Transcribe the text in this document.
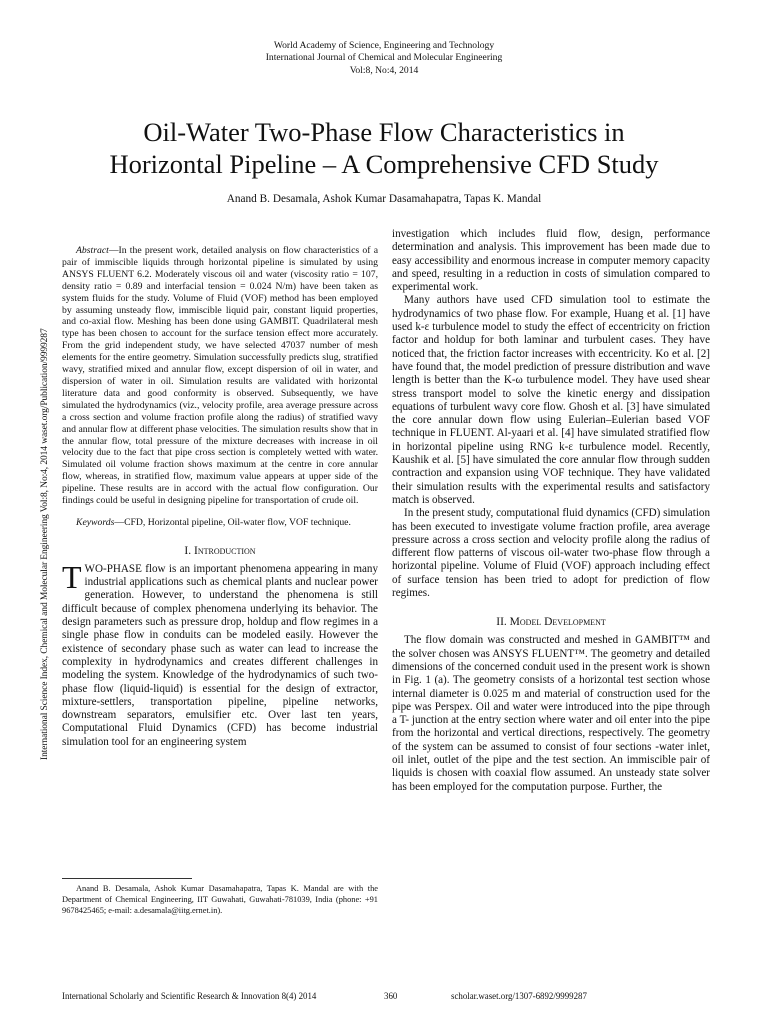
World Academy of Science, Engineering and Technology
International Journal of Chemical and Molecular Engineering
Vol:8, No:4, 2014
Oil-Water Two-Phase Flow Characteristics in
Horizontal Pipeline – A Comprehensive CFD Study
Anand B. Desamala, Ashok Kumar Dasamahapatra, Tapas K. Mandal
International Science Index, Chemical and Molecular Engineering Vol:8, No:4, 2014 waset.org/Publication/9999287

Abstract—In the present work, detailed analysis on flow characteristics of a pair of immiscible liquids through horizontal pipeline is simulated by using ANSYS FLUENT 6.2. Moderately viscous oil and water (viscosity ratio = 107, density ratio = 0.89 and interfacial tension = 0.024 N/m) have been taken as system fluids for the study. Volume of Fluid (VOF) method has been employed by assuming unsteady flow, immiscible liquid pair, constant liquid properties, and co-axial flow. Meshing has been done using GAMBIT. Quadrilateral mesh type has been chosen to account for the surface tension effect more accurately. From the grid independent study, we have selected 47037 number of mesh elements for the entire geometry. Simulation successfully predicts slug, stratified wavy, stratified mixed and annular flow, except dispersion of oil in water, and dispersion of water in oil. Simulation results are validated with horizontal literature data and good conformity is observed. Subsequently, we have simulated the hydrodynamics (viz., velocity profile, area average pressure across a cross section and volume fraction profile along the radius) of stratified wavy and annular flow at different phase velocities. The simulation results show that in the annular flow, total pressure of the mixture decreases with increase in oil velocity due to the fact that pipe cross section is completely wetted with water. Simulated oil volume fraction shows maximum at the centre in core annular flow, whereas, in stratified flow, maximum value appears at upper side of the pipeline. These results are in accord with the actual flow configuration. Our findings could be useful in designing pipeline for transportation of crude oil.

Keywords—CFD, Horizontal pipeline, Oil-water flow, VOF technique.

I. Introduction

TWO-PHASE flow is an important phenomena appearing in many industrial applications such as chemical plants and nuclear power generation. However, to understand the phenomena is still difficult because of complex phenomena underlying its behavior. The design parameters such as pressure drop, holdup and flow regimes in a single phase flow in conduits can be modeled easily. However the existence of secondary phase such as water can lead to increase the complexity in hydrodynamics and creates different challenges in modeling the system. Knowledge of the hydrodynamics of such two-phase flow (liquid-liquid) is essential for the design of extractor, mixture-settlers, transportation pipeline, pipeline networks, downstream separators, emulsifier etc. Over last ten years, Computational Fluid Dynamics (CFD) has become industrial simulation tool for an engineering system

investigation which includes fluid flow, design, performance determination and analysis. This improvement has been made due to easy accessibility and enormous increase in computer memory capacity and speed, resulting in a reduction in costs of simulation compared to experimental work.

Many authors have used CFD simulation tool to estimate the hydrodynamics of two phase flow. For example, Huang et al. [1] have used k-ε turbulence model to study the effect of eccentricity on friction factor and holdup for both laminar and turbulent cases. They have noticed that, the friction factor increases with eccentricity. Ko et al. [2] have found that, the model prediction of pressure distribution and wave length is better than the K-ω turbulence model. They have used shear stress transport model to solve the kinetic energy and dissipation equations of turbulent wavy core flow. Ghosh et al. [3] have simulated the core annular down flow using Eulerian–Eulerian based VOF technique in FLUENT. Al-yaari et al. [4] have simulated stratified flow in horizontal pipeline using RNG k-ε turbulence model. Recently, Kaushik et al. [5] have simulated the core annular flow through sudden contraction and expansion using VOF technique. They have validated their simulation results with the experimental results and satisfactory match is observed.

In the present study, computational fluid dynamics (CFD) simulation has been executed to investigate volume fraction profile, area average pressure across a cross section and velocity profile along the radius of different flow patterns of viscous oil-water two-phase flow through a horizontal pipeline. Volume of Fluid (VOF) approach including effect of surface tension has been tried to adopt for prediction of flow regimes.

II. Model Development

The flow domain was constructed and meshed in GAMBIT™ and the solver chosen was ANSYS FLUENT™. The geometry and detailed dimensions of the concerned conduit used in the present work is shown in Fig. 1 (a). The geometry consists of a horizontal test section whose internal diameter is 0.025 m and material of construction used for the pipe was Perspex. Oil and water were introduced into the pipe through a T- junction at the entry section where water and oil enter into the pipe from the horizontal and vertical directions, respectively. The geometry of the system can be assumed to consist of four sections -water inlet, oil inlet, outlet of the pipe and the test section. An immiscible pair of liquids is chosen with coaxial flow assumed. An unsteady state solver has been employed for the computation purpose. Further, the

Anand B. Desamala, Ashok Kumar Dasamahapatra, Tapas K. Mandal are with the Department of Chemical Engineering, IIT Guwahati, Guwahati-781039, India (phone: +91 9678425465; e-mail: a.desamala@iitg.ernet.in).
International Scholarly and Scientific Research & Innovation 8(4) 2014	360	scholar.waset.org/1307-6892/9999287
